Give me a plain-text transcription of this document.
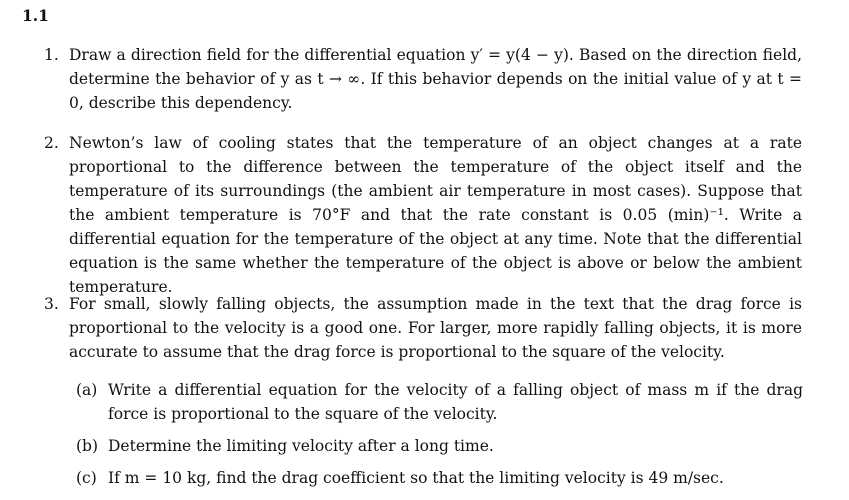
1.1
1. Draw a direction field for the differential equation y′ = y(4 − y). Based on the direction field, determine the behavior of y as t → ∞. If this behavior depends on the initial value of y at t = 0, describe this dependency.
2. Newton’s law of cooling states that the temperature of an object changes at a rate proportional to the difference between the temperature of the object itself and the temperature of its surroundings (the ambient air temperature in most cases). Suppose that the ambient temperature is 70°F and that the rate constant is 0.05 (min)⁻¹. Write a differential equation for the temperature of the object at any time. Note that the differential equation is the same whether the temperature of the object is above or below the ambient temperature.
3. For small, slowly falling objects, the assumption made in the text that the drag force is proportional to the velocity is a good one. For larger, more rapidly falling objects, it is more accurate to assume that the drag force is proportional to the square of the velocity.
(a) Write a differential equation for the velocity of a falling object of mass m if the drag force is proportional to the square of the velocity.
(b) Determine the limiting velocity after a long time.
(c) If m = 10 kg, find the drag coefficient so that the limiting velocity is 49 m/sec.
